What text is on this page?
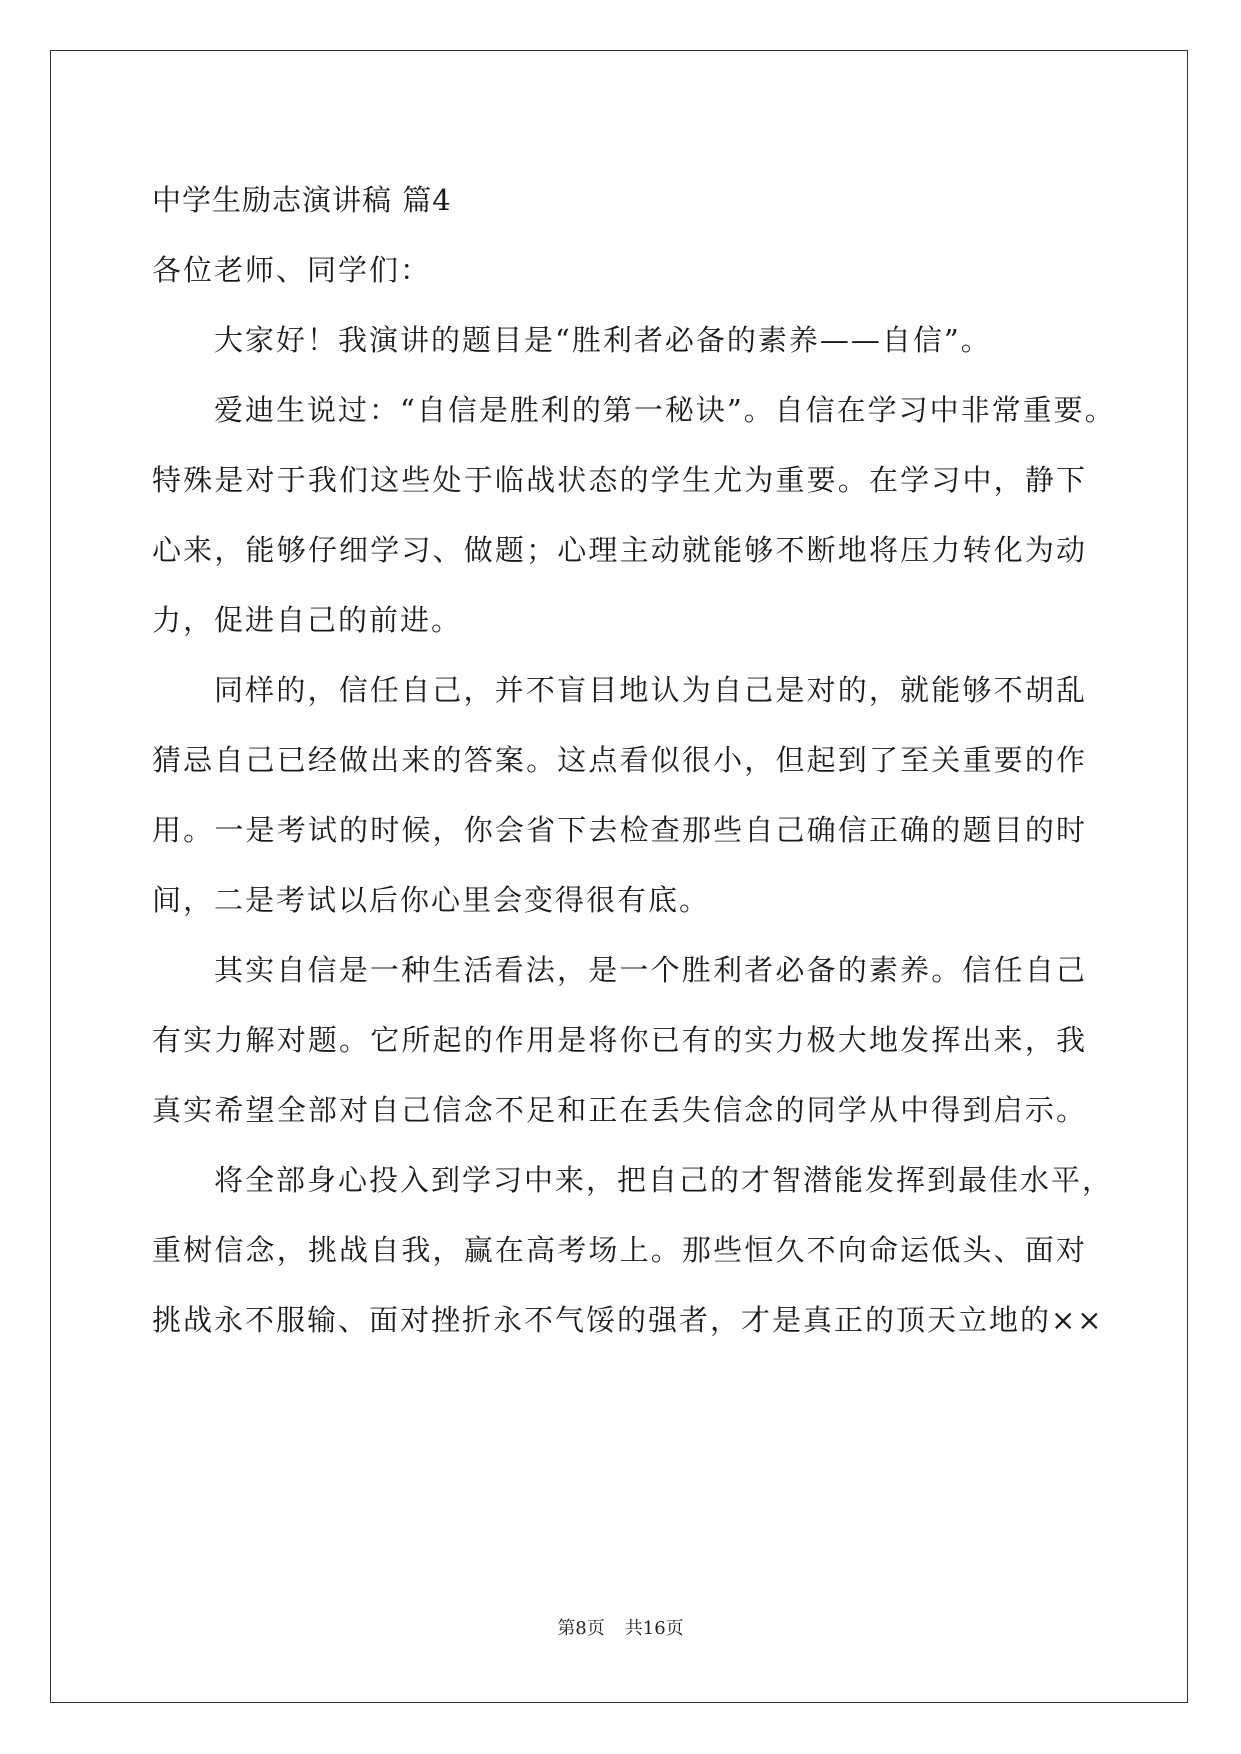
中学生励志演讲稿 篇4
各位老师、同学们：
大家好！我演讲的题目是“胜利者必备的素养——自信”。
爱迪生说过：“自信是胜利的第一秘诀”。自信在学习中非常重要。
特殊是对于我们这些处于临战状态的学生尤为重要。在学习中，静下
心来，能够仔细学习、做题；心理主动就能够不断地将压力转化为动
力，促进自己的前进。
同样的，信任自己，并不盲目地认为自己是对的，就能够不胡乱
猜忌自己已经做出来的答案。这点看似很小，但起到了至关重要的作
用。一是考试的时候，你会省下去检查那些自己确信正确的题目的时
间，二是考试以后你心里会变得很有底。
其实自信是一种生活看法，是一个胜利者必备的素养。信任自己
有实力解对题。它所起的作用是将你已有的实力极大地发挥出来，我
真实希望全部对自己信念不足和正在丢失信念的同学从中得到启示。
将全部身心投入到学习中来，把自己的才智潜能发挥到最佳水平，
重树信念，挑战自我，赢在高考场上。那些恒久不向命运低头、面对
挑战永不服输、面对挫折永不气馁的强者，才是真正的顶天立地的××
第8页 共16页
